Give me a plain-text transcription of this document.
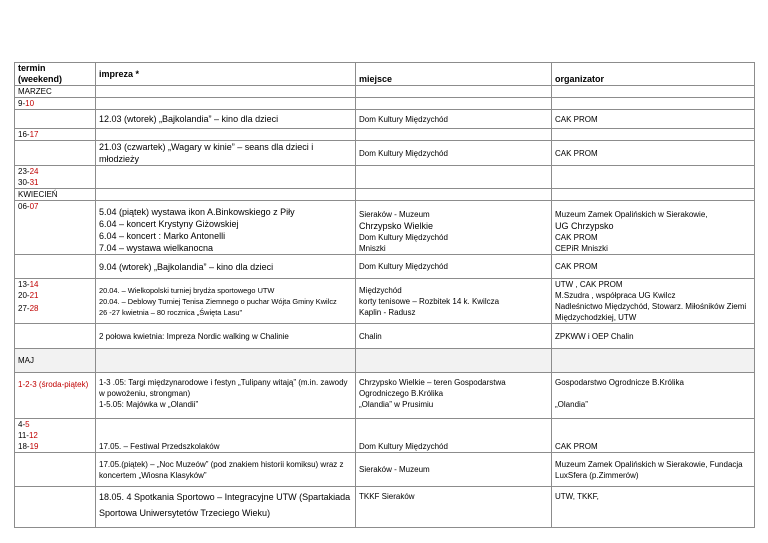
termin (weekend)	impreza *	miejsce	organizator
MARZEC			
9-10			
	12.03 (wtorek) „Bajkolandia” – kino dla dzieci	Dom Kultury Międzychód	CAK PROM
16-17			
	21.03 (czwartek) „Wagary w kinie” – seans dla dzieci i młodzieży	Dom Kultury Międzychód	CAK PROM

23-24
30-31			

KWIECIEŃ			
06-07	5.04 (piątek) wystawa ikon A.Binkowskiego z Piły
6.04 – koncert Krystyny Giżowskiej
6.04 – koncert : Marko Antonelli
7.04 – wystawa wielkanocna	Sieraków - Muzeum
Chrzypsko Wielkie
Dom Kultury Międzychód
Mniszki	Muzeum Zamek Opalińskich w Sierakowie,
UG Chrzypsko
CAK PROM
CEPiR Mniszki

	9.04 (wtorek) „Bajkolandia” – kino dla dzieci	Dom Kultury Międzychód	CAK PROM

13-14
20-21
27-28	20.04. – Wielkopolski turniej brydża sportowego UTW
20.04. – Deblowy Turniej Tenisa Ziemnego o puchar Wójta Gminy Kwilcz
26 -27 kwietnia – 80 rocznica „Święta Lasu”	Międzychód
korty tenisowe – Rozbitek 14 k. Kwilcza
Kaplin - Radusz	UTW , CAK PROM
M.Szudra , współpraca UG Kwilcz
Nadleśnictwo Międzychód, Stowarz. Miłośników Ziemi Międzychodzkiej, UTW

	2 połowa kwietnia: Impreza Nordic walking w Chalinie	Chalin	ZPKWW i OEP Chalin
MAJ			
1-2-3 (środa-piątek)	1-3 .05: Targi międzynarodowe i festyn „Tulipany witają” (m.in. zawody w powożeniu, strongman)
1-5.05: Majówka w „Olandii”	Chrzypsko Wielkie – teren Gospodarstwa Ogrodniczego B.Królika
„Olandia” w Prusimiu	Gospodarstwo Ogrodnicze B.Królika
„Olandia”

4-5
11-12
18-19	17.05. – Festiwal Przedszkolaków	Dom Kultury Międzychód	CAK PROM
	17.05.(piątek) – „Noc Muzeów” (pod znakiem historii komiksu) wraz z koncertem „Wiosna Klasyków”	Sieraków - Muzeum	Muzeum Zamek Opalińskich w Sierakowie, Fundacja LuxSfera (p.Zimmerów)
	18.05. 4 Spotkania Sportowo – Integracyjne UTW (Spartakiada Sportowa Uniwersytetów Trzeciego Wieku)	TKKF Sieraków	UTW, TKKF,
